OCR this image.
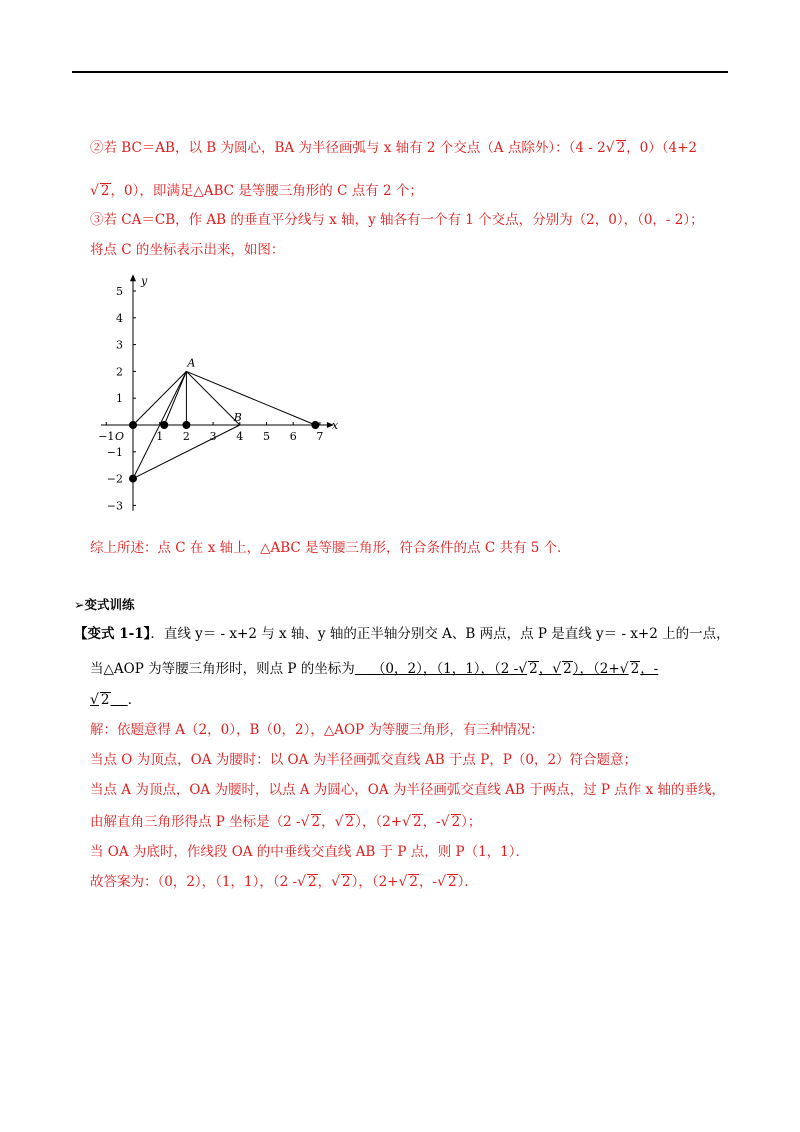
②若 BC＝AB，以 B 为圆心，BA 为半径画弧与 x 轴有 2 个交点（A 点除外）：（4 - 2√ 2，0）（4+2
√ 2，0），即满足△ABC 是等腰三角形的 C 点有 2 个；
③若 CA＝CB，作 AB 的垂直平分线与 x 轴，y 轴各有一个有 1 个交点，分别为（2，0），（0，- 2）；
将点 C 的坐标表示出来，如图：
−1	1 2 3 4 5 6 7
5
4
3
2
1
−1
−2
−3
x
y
O
A
B
综上所述：点 C 在 x 轴上，△ABC 是等腰三角形，符合条件的点 C 共有 5 个．
➢变式训练
【变式 1-1】．直线 y＝ - x+2 与 x 轴、y 轴的正半轴分别交 A、B 两点，点 P 是直线 y＝ - x+2 上的一点，
当△AOP 为等腰三角形时，则点 P 的坐标为 （0，2），（1，1），（2 -√ 2，√ 2），（2+√ 2，-
√ 2 ．
解：依题意得 A（2，0），B（0，2），△AOP 为等腰三角形，有三种情况：
当点 O 为顶点，OA 为腰时：以 OA 为半径画弧交直线 AB 于点 P，P（0，2）符合题意；
当点 A 为顶点，OA 为腰时，以点 A 为圆心，OA 为半径画弧交直线 AB 于两点，过 P 点作 x 轴的垂线，
由解直角三角形得点 P 坐标是（2 -√ 2，√ 2），（2+√ 2，-√ 2）；
当 OA 为底时，作线段 OA 的中垂线交直线 AB 于 P 点，则 P（1，1）．
故答案为：（0，2），（1，1），（2 -√ 2，√ 2），（2+√ 2，-√ 2）．
